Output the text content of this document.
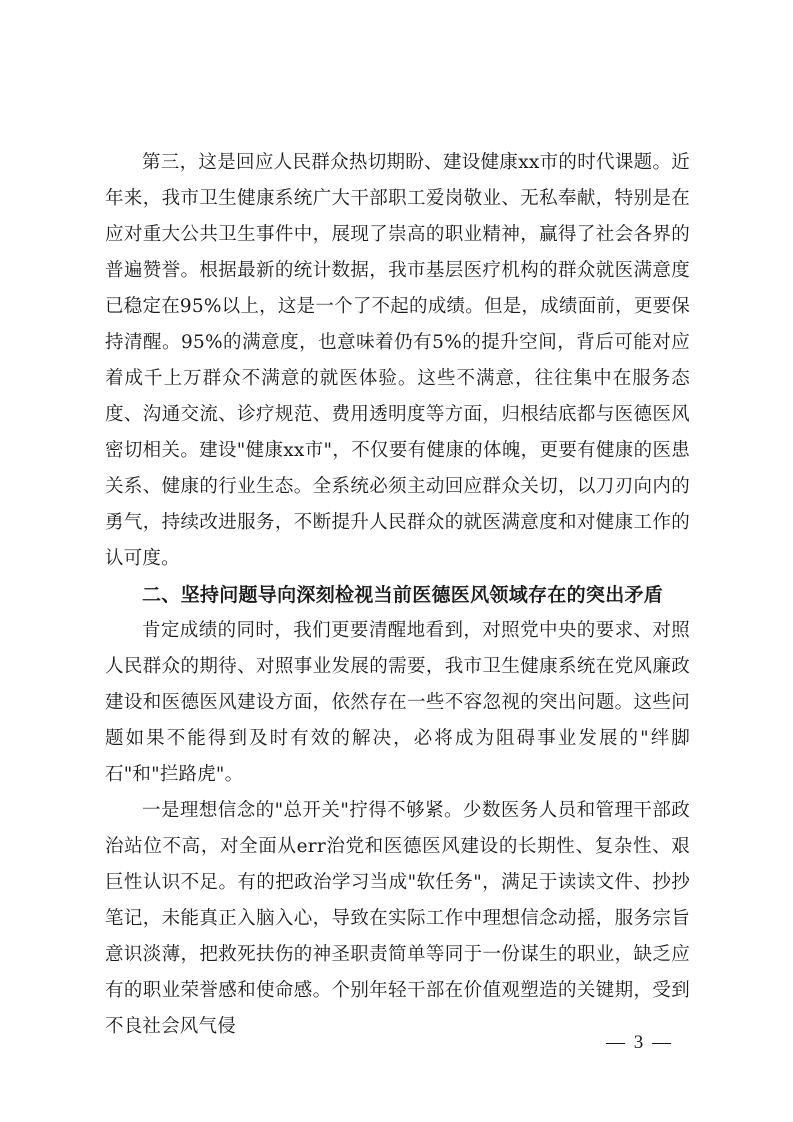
第三，这是回应人民群众热切期盼、建设健康xx市的时代课题。近年来，我市卫生健康系统广大干部职工爱岗敬业、无私奉献，特别是在应对重大公共卫生事件中，展现了崇高的职业精神，赢得了社会各界的普遍赞誉。根据最新的统计数据，我市基层医疗机构的群众就医满意度已稳定在95%以上，这是一个了不起的成绩。但是，成绩面前，更要保持清醒。95%的满意度，也意味着仍有5%的提升空间，背后可能对应着成千上万群众不满意的就医体验。这些不满意，往往集中在服务态度、沟通交流、诊疗规范、费用透明度等方面，归根结底都与医德医风密切相关。建设"健康xx市"，不仅要有健康的体魄，更要有健康的医患关系、健康的行业生态。全系统必须主动回应群众关切，以刀刃向内的勇气，持续改进服务，不断提升人民群众的就医满意度和对健康工作的认可度。

二、坚持问题导向深刻检视当前医德医风领域存在的突出矛盾

肯定成绩的同时，我们更要清醒地看到，对照党中央的要求、对照人民群众的期待、对照事业发展的需要，我市卫生健康系统在党风廉政建设和医德医风建设方面，依然存在一些不容忽视的突出问题。这些问题如果不能得到及时有效的解决，必将成为阻碍事业发展的"绊脚石"和"拦路虎"。

一是理想信念的"总开关"拧得不够紧。少数医务人员和管理干部政治站位不高，对全面从err治党和医德医风建设的长期性、复杂性、艰巨性认识不足。有的把政治学习当成"软任务"，满足于读读文件、抄抄笔记，未能真正入脑入心，导致在实际工作中理想信念动摇，服务宗旨意识淡薄，把救死扶伤的神圣职责简单等同于一份谋生的职业，缺乏应有的职业荣誉感和使命感。个别年轻干部在价值观塑造的关键期，受到不良社会风气侵

— 3 —
